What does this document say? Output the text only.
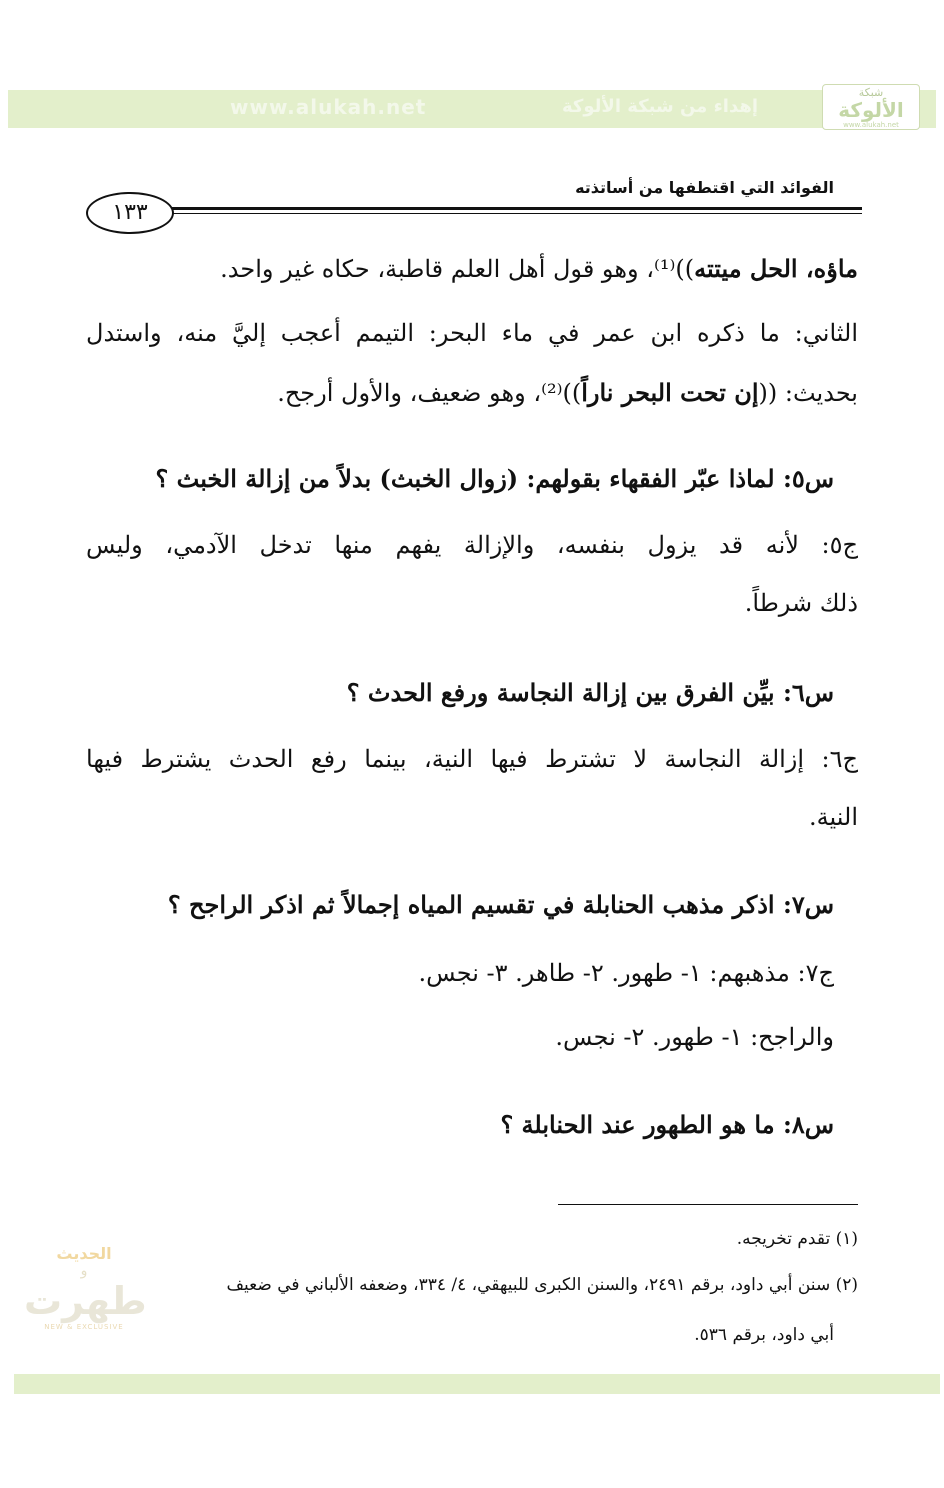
شبكة
الألوكة
www.alukah.net
إهداء من شبكة الألوكة
www.alukah.net
الفوائد التي اقتطفها من أساتذته
١٣٣
ماؤه، الحل ميتته))⁽¹⁾، وهو قول أهل العلم قاطبة، حكاه غير واحد.
الثاني: ما ذكره ابن عمر في ماء البحر: التيمم أعجب إليَّ منه، واستدل
بحديث: ((إن تحت البحر ناراً))⁽²⁾، وهو ضعيف، والأول أرجح.
س٥: لماذا عبّر الفقهاء بقولهم: (زوال الخبث) بدلاً من إزالة الخبث ؟
ج٥: لأنه قد يزول بنفسه، والإزالة يفهم منها تدخل الآدمي، وليس
ذلك شرطاً.
س٦: بيِّن الفرق بين إزالة النجاسة ورفع الحدث ؟
ج٦: إزالة النجاسة لا تشترط فيها النية، بينما رفع الحدث يشترط فيها
النية.
س٧: اذكر مذهب الحنابلة في تقسيم المياه إجمالاً ثم اذكر الراجح ؟
ج٧: مذهبهم: ١- طهور. ٢- طاهر. ٣- نجس.
والراجح: ١- طهور. ٢- نجس.
س٨: ما هو الطهور عند الحنابلة ؟
(١) تقدم تخريجه.
(٢) سنن أبي داود، برقم ٢٤٩١، والسنن الكبرى للبيهقي، ٤/ ٣٣٤، وضعفه الألباني في ضعيف
أبي داود، برقم ٥٣٦.
الحديث
و
طهرت
NEW & EXCLUSIVE
